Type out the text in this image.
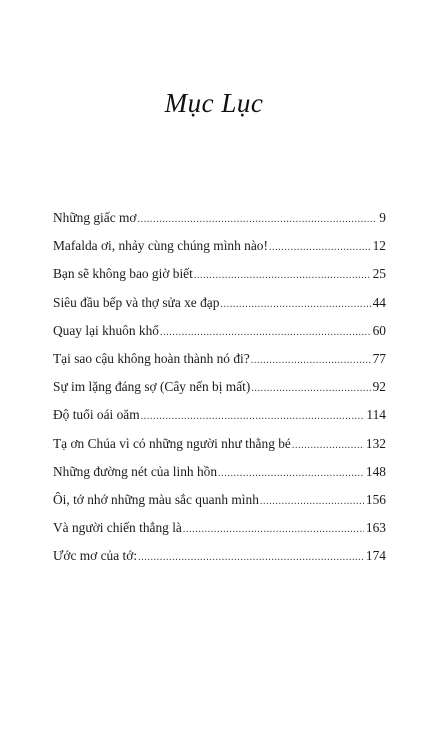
Mục Lục
Những giấc mơ .....	9
Mafalda ơi, nhảy cùng chúng mình nào! .....	12
Bạn sẽ không bao giờ biết .....	25
Siêu đầu bếp và thợ sửa xe đạp .....	44
Quay lại khuôn khổ .....	60
Tại sao cậu không hoàn thành nó đi? .....	77
Sự im lặng đáng sợ (Cây nến bị mất) .....	92
Độ tuổi oái oăm .....	114
Tạ ơn Chúa vì có những người như thằng bé .....	132
Những đường nét của linh hồn .....	148
Ôi, tớ nhớ những màu sắc quanh mình .....	156
Và người chiến thắng là .....	163
Ước mơ của tớ: .....	174
